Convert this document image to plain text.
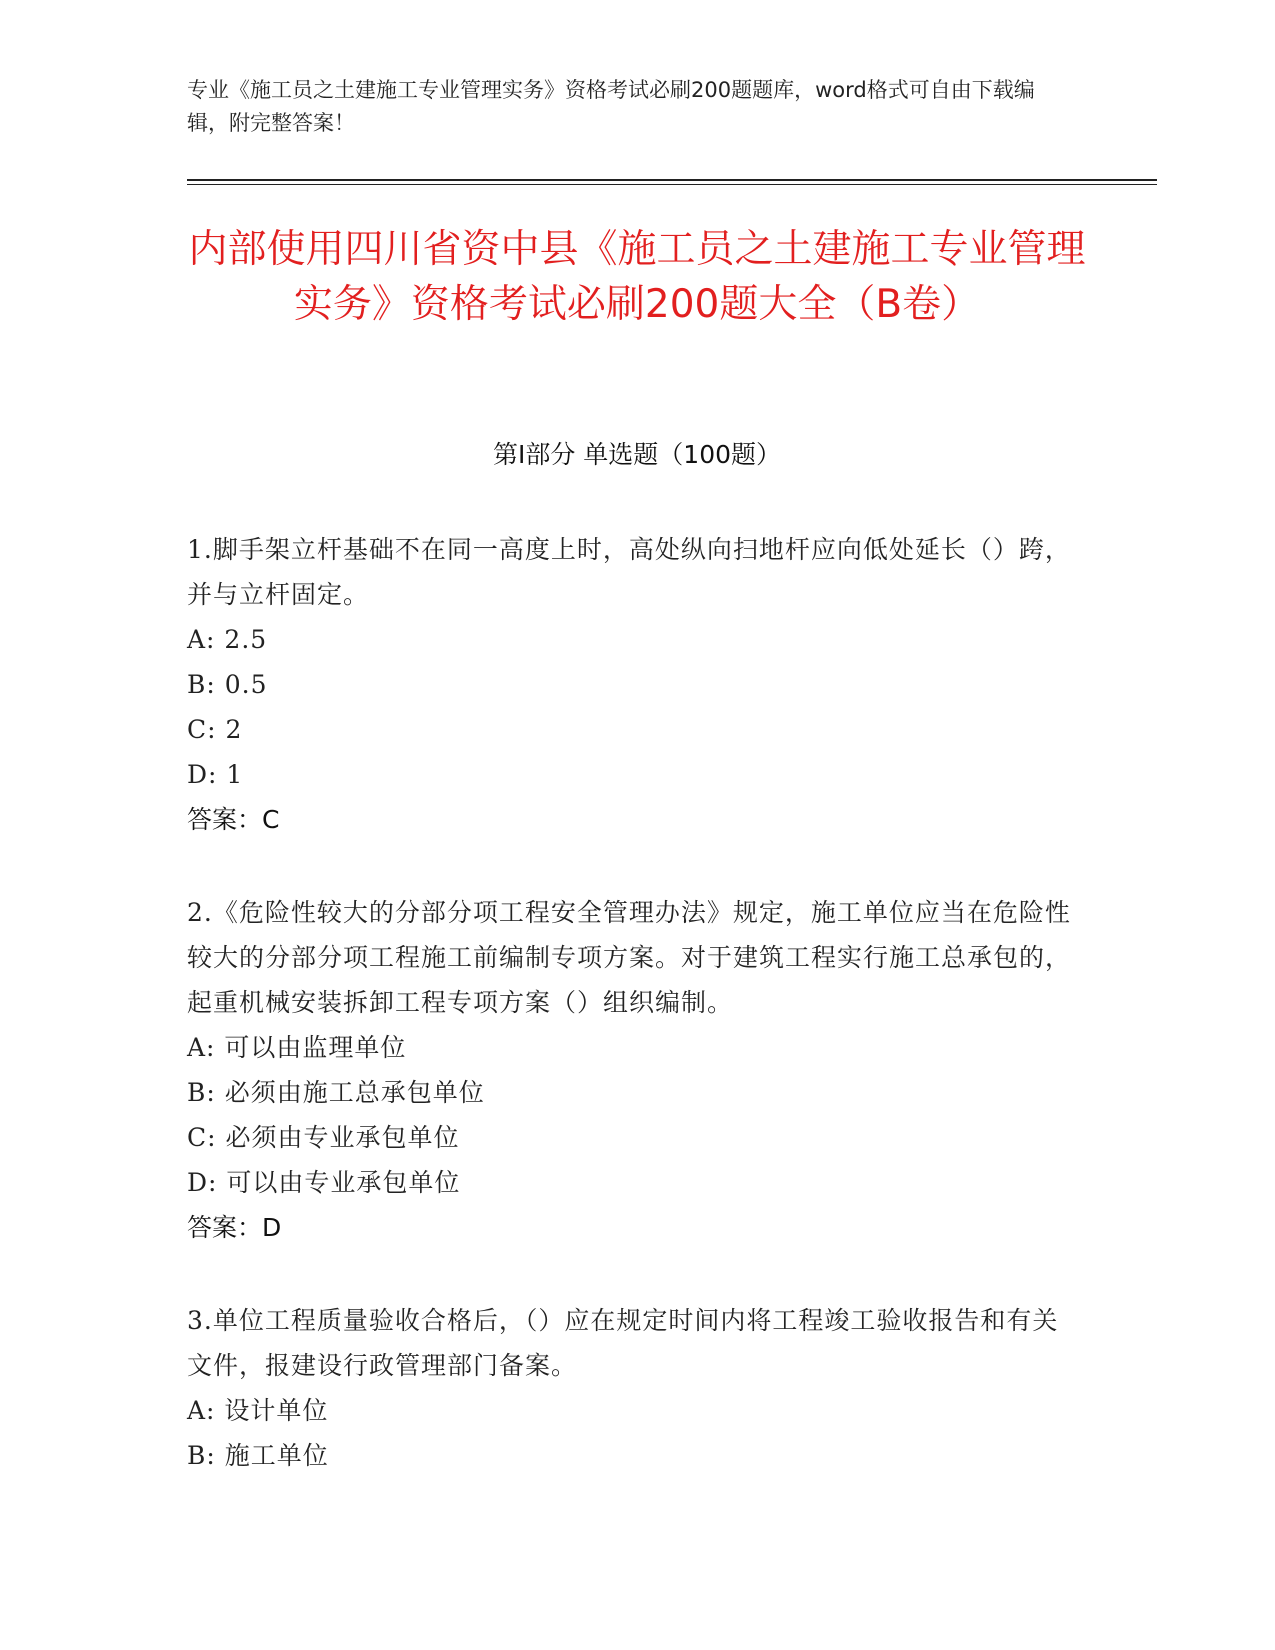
专业《施工员之土建施工专业管理实务》资格考试必刷200题题库，word格式可自由下载编辑，附完整答案！
内部使用四川省资中县《施工员之土建施工专业管理实务》资格考试必刷200题大全（B卷）
第I部分 单选题（100题）
1.脚手架立杆基础不在同一高度上时，高处纵向扫地杆应向低处延长（）跨，并与立杆固定。
A: 2.5
B: 0.5
C: 2
D: 1
答案：C
2.《危险性较大的分部分项工程安全管理办法》规定，施工单位应当在危险性较大的分部分项工程施工前编制专项方案。对于建筑工程实行施工总承包的，起重机械安装拆卸工程专项方案（）组织编制。
A: 可以由监理单位
B: 必须由施工总承包单位
C: 必须由专业承包单位
D: 可以由专业承包单位
答案：D
3.单位工程质量验收合格后，（）应在规定时间内将工程竣工验收报告和有关文件，报建设行政管理部门备案。
A: 设计单位
B: 施工单位
